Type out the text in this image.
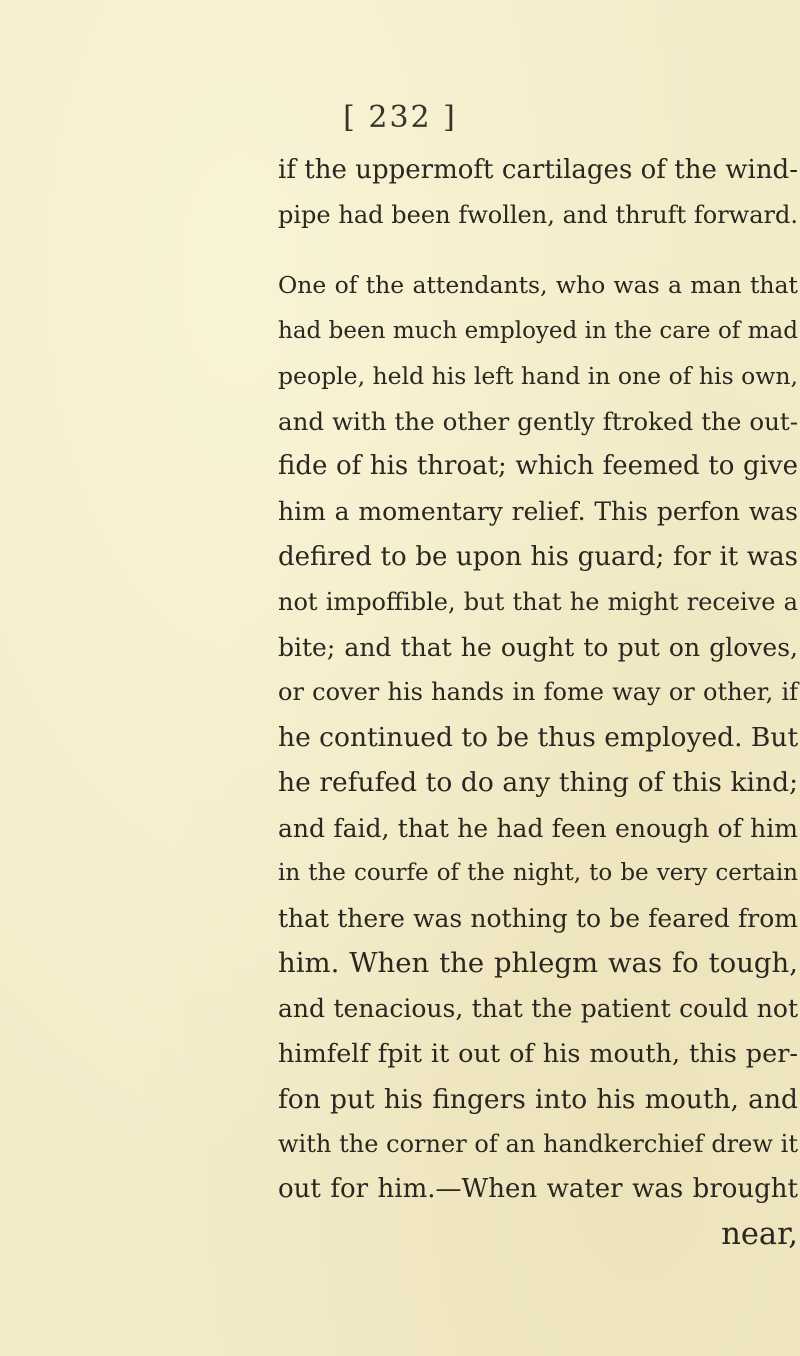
[ 232 ]
if the uppermoft cartilages of the wind-
pipe had been fwollen, and thruft forward.
One of the attendants, who was a man that
had been much employed in the care of mad
people, held his left hand in one of his own,
and with the other gently ftroked the out-
fide of his throat; which feemed to give
him a momentary relief. This perfon was
defired to be upon his guard; for it was
not impoffible, but that he might receive a
bite; and that he ought to put on gloves,
or cover his hands in fome way or other, if
he continued to be thus employed. But
he refufed to do any thing of this kind;
and faid, that he had feen enough of him
in the courfe of the night, to be very certain
that there was nothing to be feared from
him. When the phlegm was fo tough,
and tenacious, that the patient could not
himfelf fpit it out of his mouth, this per-
fon put his fingers into his mouth, and
with the corner of an handkerchief drew it
out for him.—When water was brought
near,
